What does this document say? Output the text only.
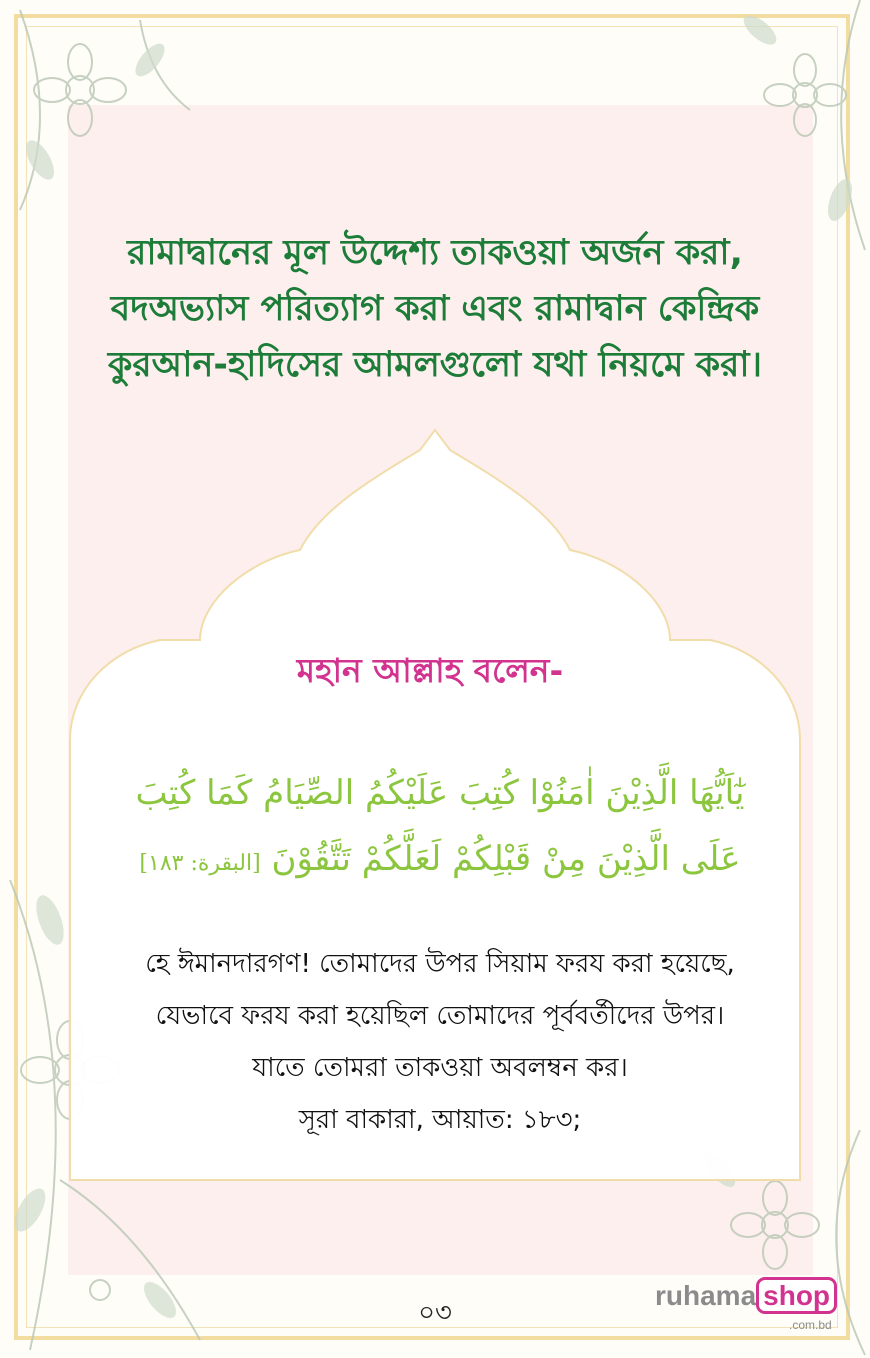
রামাদ্বানের মূল উদ্দেশ্য তাকওয়া অর্জন করা,
বদঅভ্যাস পরিত্যাগ করা এবং রামাদ্বান কেন্দ্রিক
কুরআন-হাদিসের আমলগুলো যথা নিয়মে করা।

মহান আল্লাহ বলেন-

يٰٓاَيُّهَا الَّذِيْنَ اٰمَنُوْا كُتِبَ عَلَيْكُمُ الصِّيَامُ كَمَا كُتِبَ
عَلَى الَّذِيْنَ مِنْ قَبْلِكُمْ لَعَلَّكُمْ تَتَّقُوْنَ [البقرة: ١٨٣]

হে ঈমানদারগণ! তোমাদের উপর সিয়াম ফরয করা হয়েছে,
যেভাবে ফরয করা হয়েছিল তোমাদের পূর্ববর্তীদের উপর।
যাতে তোমরা তাকওয়া অবলম্বন কর।
সূরা বাকারা, আয়াত: ১৮৩;

০৩
ruhama shop
.com.bd
